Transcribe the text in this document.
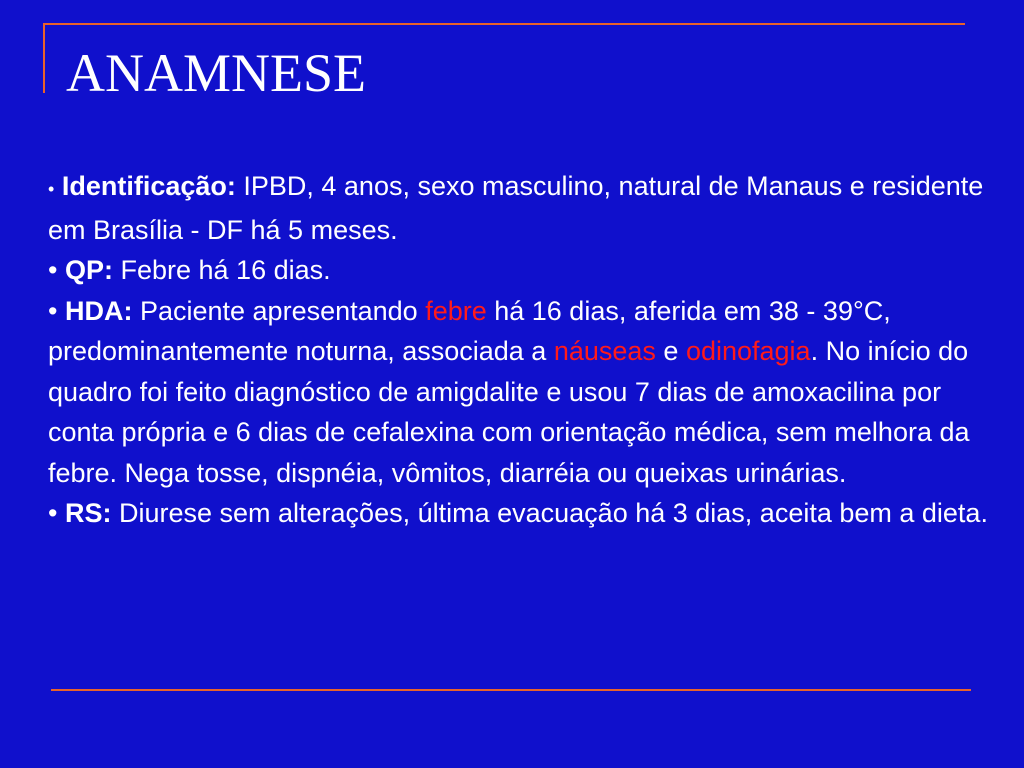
ANAMNESE

• Identificação: IPBD, 4 anos, sexo masculino, natural de Manaus e residente em Brasília - DF há 5 meses.

• QP: Febre há 16 dias.

• HDA: Paciente apresentando febre há 16 dias, aferida em 38 - 39°C, predominantemente noturna, associada a náuseas e odinofagia. No início do quadro foi feito diagnóstico de amigdalite e usou 7 dias de amoxacilina por conta própria e 6 dias de cefalexina com orientação médica, sem melhora da febre. Nega tosse, dispnéia, vômitos, diarréia ou queixas urinárias.

• RS: Diurese sem alterações, última evacuação há 3 dias, aceita bem a dieta.
